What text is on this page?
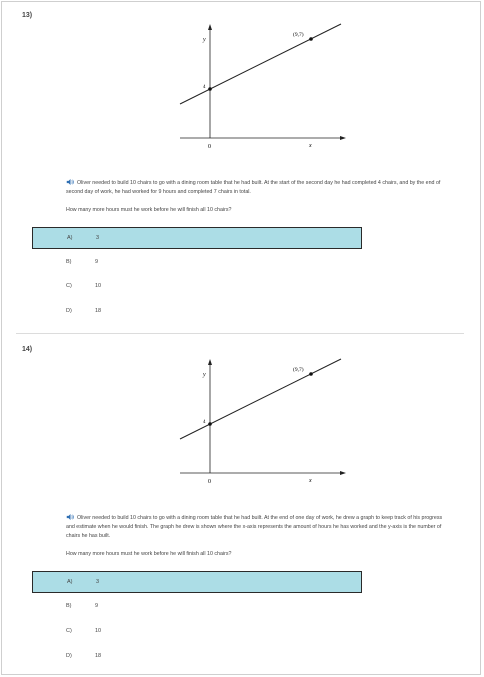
13)
y
x
0
4
(9,7)
Oliver needed to build 10 chairs to go with a dining room table that he had built. At the start of the second day he had completed 4 chairs, and by the end of second day of work, he had worked for 9 hours and completed 7 chairs in total.
How many more hours must he work before he will finish all 10 chairs?
A)	3
B)	9
C)	10
D)	18
14)
y
x
0
4
(9,7)
Oliver needed to build 10 chairs to go with a dining room table that he had built. At the end of one day of work, he drew a graph to keep track of his progress and estimate when he would finish. The graph he drew is shown where the x-axis represents the amount of hours he has worked and the y-axis is the number of chairs he has built.
How many more hours must he work before he will finish all 10 chairs?
A)	3
B)	9
C)	10
D)	18
